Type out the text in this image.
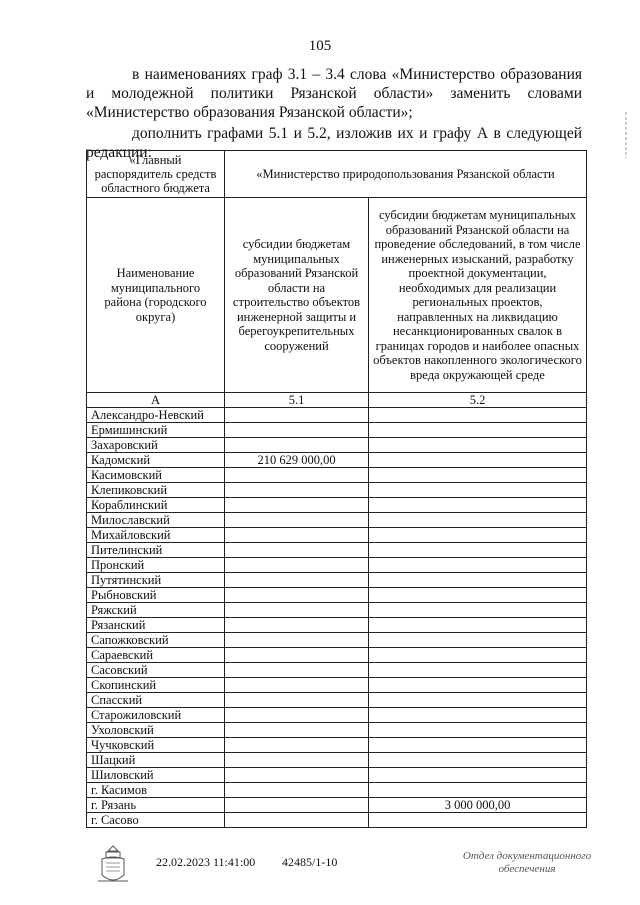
105
в наименованиях граф 3.1 – 3.4 слова «Министерство образования и молодежной политики Рязанской области» заменить словами «Министерство образования Рязанской области»;
дополнить графами 5.1 и 5.2, изложив их и графу А в следующей редакции:
«Главный распорядитель средств областного бюджета	«Министерство природопользования Рязанской области	
Наименование муниципального района (городского округа)	субсидии бюджетам муниципальных образований Рязанской области на строительство объектов инженерной защиты и берегоукрепительных сооружений	субсидии бюджетам муниципальных образований Рязанской области на проведение обследований, в том числе инженерных изысканий, разработку проектной документации, необходимых для реализации региональных проектов, направленных на ликвидацию несанкционированных свалок в границах городов и наиболее опасных объектов накопленного экологического вреда окружающей среде
А	5.1	5.2
Александро-Невский		
Ермишинский		
Захаровский		
Кадомский	210 629 000,00	
Касимовский		
Клепиковский		
Кораблинский		
Милославский		
Михайловский		
Пителинский		
Пронский		
Путятинский		
Рыбновский		
Ряжский		
Рязанский		
Сапожковский		
Сараевский		
Сасовский		
Скопинский		
Спасский		
Старожиловский		
Ухоловский		
Чучковский		
Шацкий		
Шиловский		
г. Касимов		
г. Рязань		3 000 000,00
г. Сасово		
22.02.2023 11:41:00 42485/1-10	Отдел документационного
обеспечения
